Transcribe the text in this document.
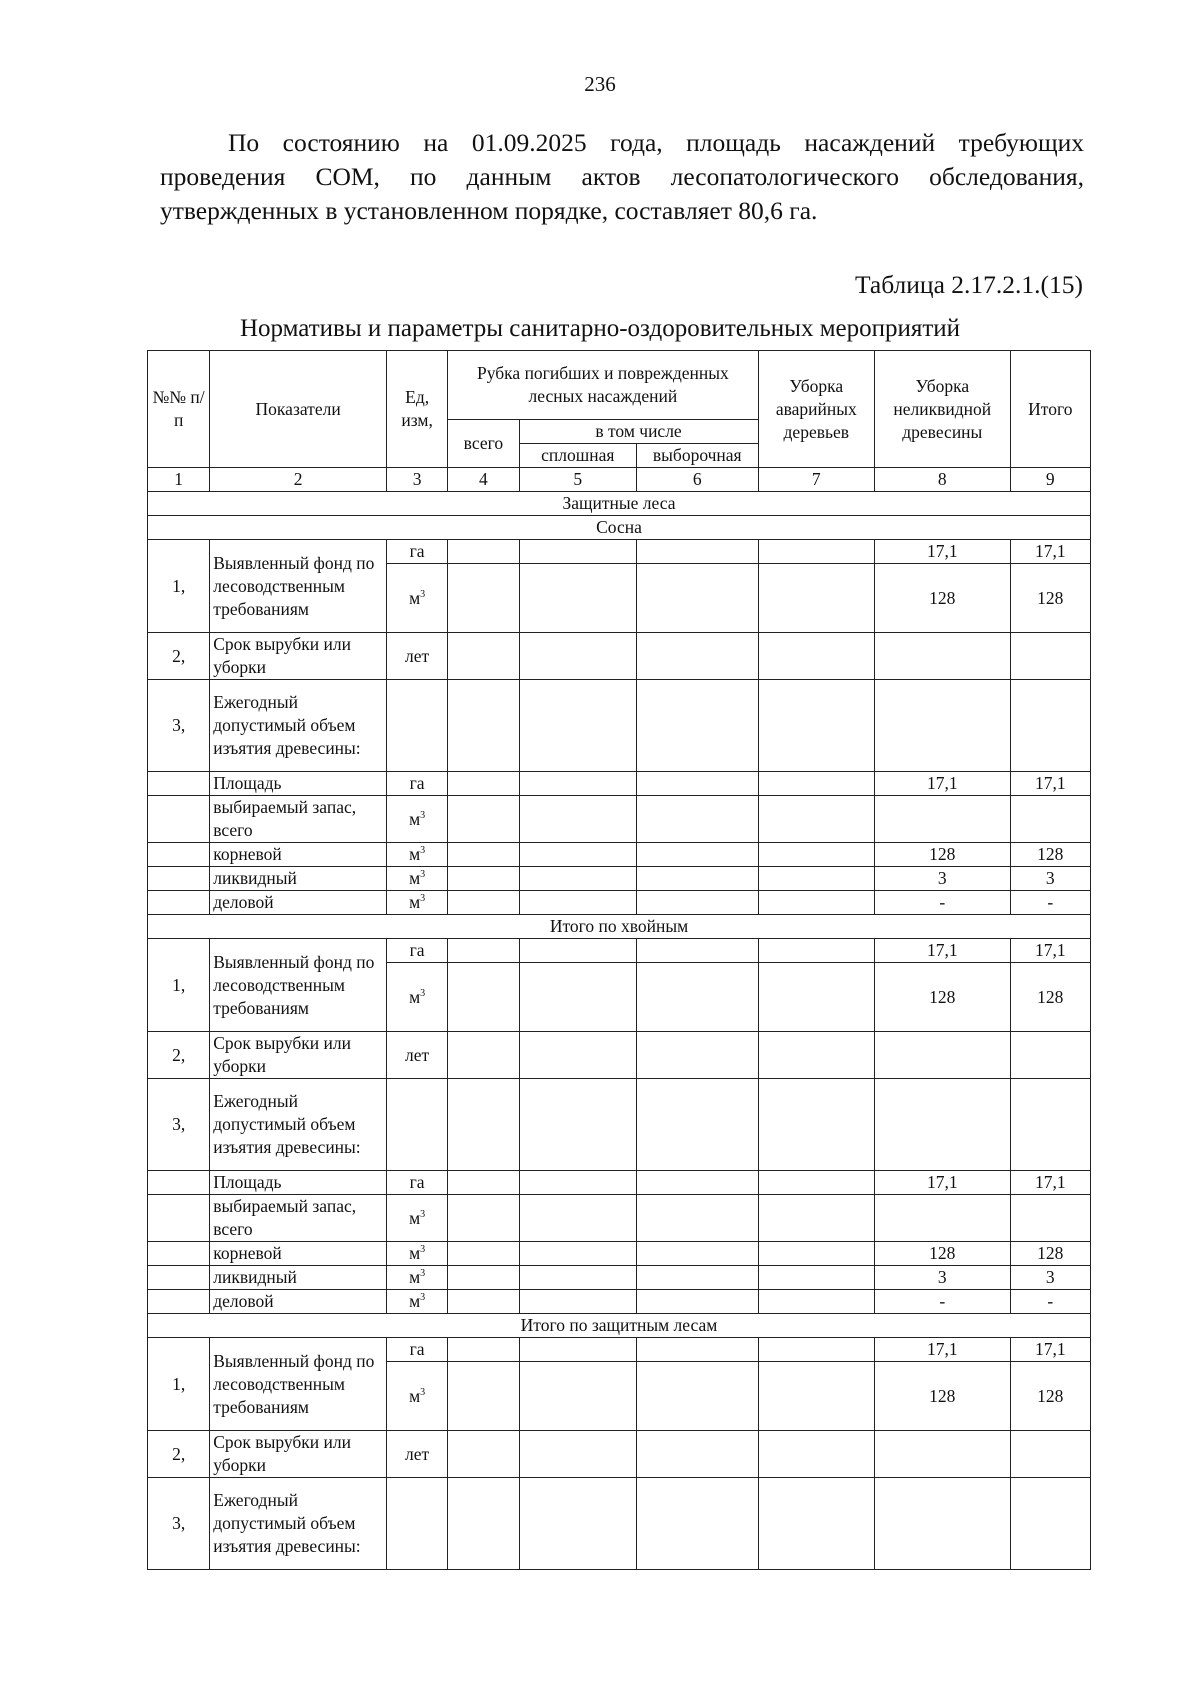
236

По состоянию на 01.09.2025 года, площадь насаждений требующих проведения СОМ, по данным актов лесопатологического обследования, утвержденных в установленном порядке, составляет 80,6 га.

Таблица 2.17.2.1.(15)
Нормативы и параметры санитарно-оздоровительных мероприятий
№№ п/п	Показатели	Ед, изм,	Рубка погибших и поврежденных лесных насаждений			Уборка аварийных деревьев	Уборка неликвидной древесины	Итого
			всего	в том числе				
				сплошная	выборочная			
1	2	3	4	5	6	7	8	9
Защитные леса								
Сосна								
1,	Выявленный фонд по лесоводственным требованиям	га					17,1	17,1
		$м^3$					128	128
2,	Срок вырубки или уборки	лет						
3,	Ежегодный допустимый объем изъятия древесины:							
	Площадь	га					17,1	17,1
	выбираемый запас, всего	$м^3$						
	корневой	$м^3$					128	128
	ликвидный	$м^3$					3	3
	деловой	$м^3$					-	-
Итого по хвойным								
1,	Выявленный фонд по лесоводственным требованиям	га					17,1	17,1
		$м^3$					128	128
2,	Срок вырубки или уборки	лет						
3,	Ежегодный допустимый объем изъятия древесины:							
	Площадь	га					17,1	17,1
	выбираемый запас, всего	$м^3$						
	корневой	$м^3$					128	128
	ликвидный	$м^3$					3	3
	деловой	$м^3$					-	-
Итого по защитным лесам								
1,	Выявленный фонд по лесоводственным требованиям	га					17,1	17,1
		$м^3$					128	128
2,	Срок вырубки или уборки	лет						
3,	Ежегодный допустимый объем изъятия древесины:							
